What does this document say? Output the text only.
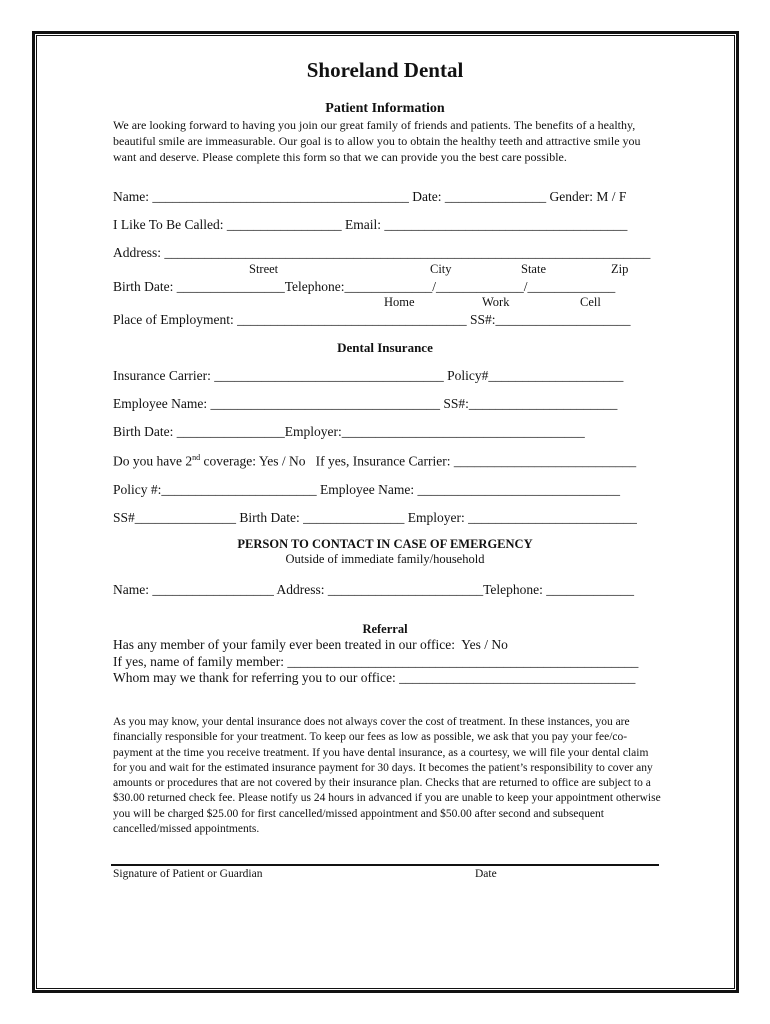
Shoreland Dental
Patient Information
We are looking forward to having you join our great family of friends and patients. The benefits of a healthy, beautiful smile are immeasurable. Our goal is to allow you to obtain the healthy teeth and attractive smile you want and deserve. Please complete this form so that we can provide you the best care possible.
Name: ______________________________________ Date: _______________ Gender: M / F
I Like To Be Called: _________________ Email: ____________________________________
Address: ________________________________________________________________________
Street	City	State	Zip
Birth Date: ________________Telephone:_____________/_____________/_____________
Home	Work	Cell
Place of Employment: __________________________________ SS#:____________________
Dental Insurance
Insurance Carrier: __________________________________ Policy#____________________
Employee Name: __________________________________ SS#:______________________
Birth Date: ________________Employer:____________________________________
Do you have 2nd coverage: Yes / No   If yes, Insurance Carrier: ___________________________
Policy #:_______________________ Employee Name: ______________________________
SS#_______________ Birth Date: _______________ Employer: _________________________
PERSON TO CONTACT IN CASE OF EMERGENCY
Outside of immediate family/household
Name: __________________ Address: _______________________Telephone: _____________
Referral
Has any member of your family ever been treated in our office:  Yes / No
If yes, name of family member: ____________________________________________________
Whom may we thank for referring you to our office: ___________________________________
As you may know, your dental insurance does not always cover the cost of treatment. In these instances, you are financially responsible for your treatment. To keep our fees as low as possible, we ask that you pay your fee/co-payment at the time you receive treatment. If you have dental insurance, as a courtesy, we will file your dental claim for you and wait for the estimated insurance payment for 30 days. It becomes the patient’s responsibility to cover any amounts or procedures that are not covered by their insurance plan. Checks that are returned to office are subject to a $30.00 returned check fee. Please notify us 24 hours in advanced if you are unable to keep your appointment otherwise you will be charged $25.00 for first cancelled/missed appointment and $50.00 after second and subsequent cancelled/missed appointments.
Signature of Patient or Guardian	Date
